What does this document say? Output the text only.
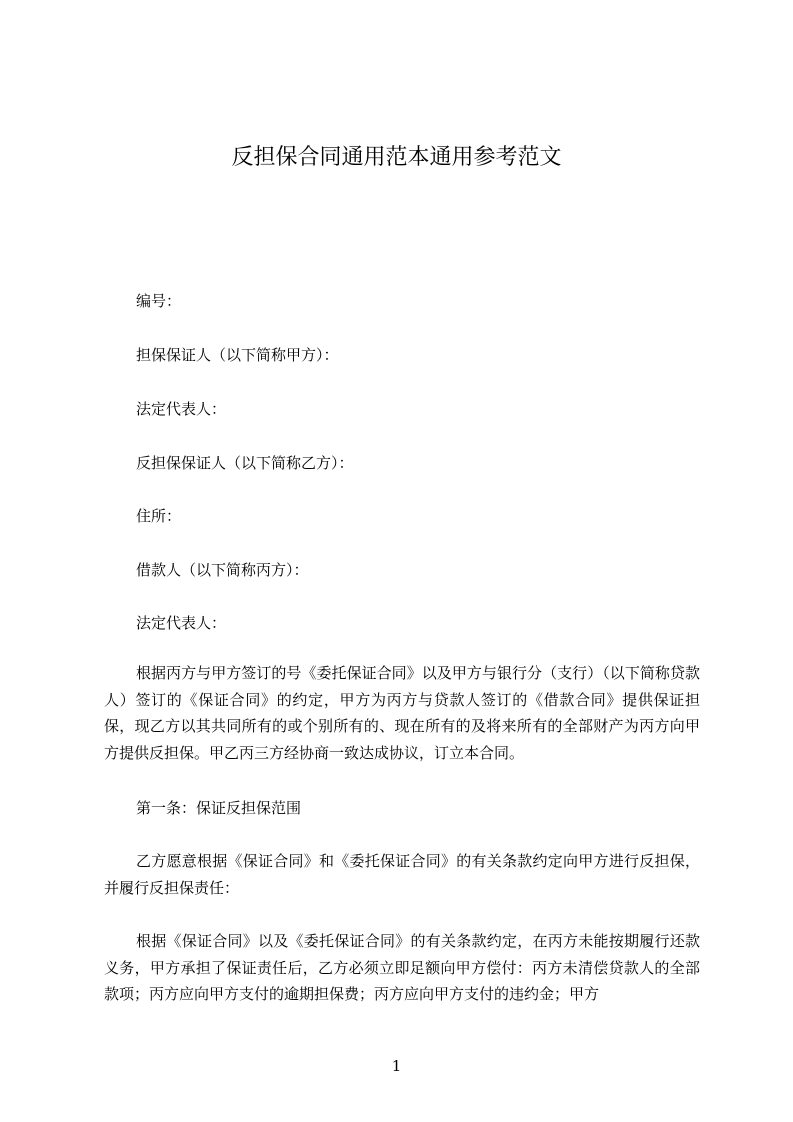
反担保合同通用范本通用参考范文

编号：

担保保证人（以下简称甲方）：

法定代表人：

反担保保证人（以下简称乙方）：

住所：

借款人（以下简称丙方）：

法定代表人：

根据丙方与甲方签订的号《委托保证合同》以及甲方与银行分（支行）（以下简称贷款人）签订的《保证合同》的约定，甲方为丙方与贷款人签订的《借款合同》提供保证担保，现乙方以其共同所有的或个别所有的、现在所有的及将来所有的全部财产为丙方向甲方提供反担保。甲乙丙三方经协商一致达成协议，订立本合同。

第一条：保证反担保范围

乙方愿意根据《保证合同》和《委托保证合同》的有关条款约定向甲方进行反担保，并履行反担保责任：

根据《保证合同》以及《委托保证合同》的有关条款约定，在丙方未能按期履行还款义务，甲方承担了保证责任后，乙方必须立即足额向甲方偿付：丙方未清偿贷款人的全部款项；丙方应向甲方支付的逾期担保费；丙方应向甲方支付的违约金；甲方

1
